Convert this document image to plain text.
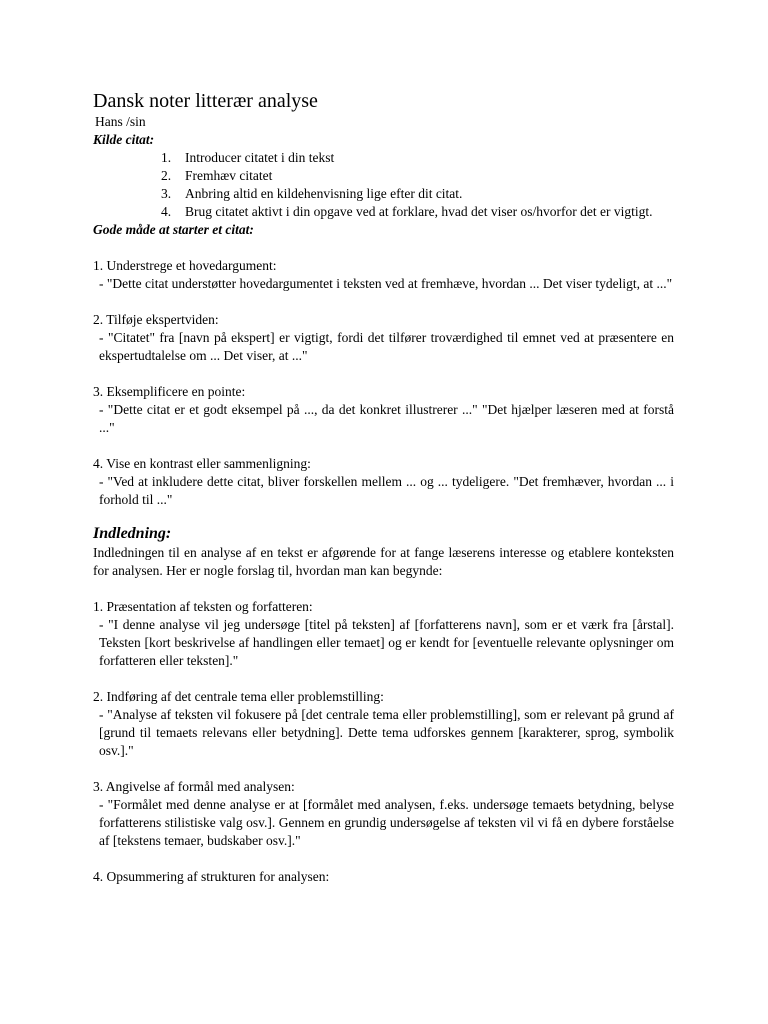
Dansk noter litterær analyse
Hans /sin
Kilde citat:
1. Introducer citatet i din tekst
2. Fremhæv citatet
3. Anbring altid en kildehenvisning lige efter dit citat.
4. Brug citatet aktivt i din opgave ved at forklare, hvad det viser os/hvorfor det er vigtigt.
Gode måde at starter et citat:
1. Understrege et hovedargument:

- "Dette citat understøtter hovedargumentet i teksten ved at fremhæve, hvordan ... Det viser tydeligt, at ..."

2. Tilføje ekspertviden:

- "Citatet" fra [navn på ekspert] er vigtigt, fordi det tilfører troværdighed til emnet ved at præsentere en ekspertudtalelse om ... Det viser, at ..."

3. Eksemplificere en pointe:

- "Dette citat er et godt eksempel på ..., da det konkret illustrerer ..." "Det hjælper læseren med at forstå ..."

4. Vise en kontrast eller sammenligning:

- "Ved at inkludere dette citat, bliver forskellen mellem ... og ... tydeligere. "Det fremhæver, hvordan ... i forhold til ..."

Indledning:

Indledningen til en analyse af en tekst er afgørende for at fange læserens interesse og etablere konteksten for analysen. Her er nogle forslag til, hvordan man kan begynde:

1. Præsentation af teksten og forfatteren:

- "I denne analyse vil jeg undersøge [titel på teksten] af [forfatterens navn], som er et værk fra [årstal]. Teksten [kort beskrivelse af handlingen eller temaet] og er kendt for [eventuelle relevante oplysninger om forfatteren eller teksten]."

2. Indføring af det centrale tema eller problemstilling:

- "Analyse af teksten vil fokusere på [det centrale tema eller problemstilling], som er relevant på grund af [grund til temaets relevans eller betydning]. Dette tema udforskes gennem [karakterer, sprog, symbolik osv.]."

3. Angivelse af formål med analysen:

- "Formålet med denne analyse er at [formålet med analysen, f.eks. undersøge temaets betydning, belyse forfatterens stilistiske valg osv.]. Gennem en grundig undersøgelse af teksten vil vi få en dybere forståelse af [tekstens temaer, budskaber osv.]."

4. Opsummering af strukturen for analysen:
